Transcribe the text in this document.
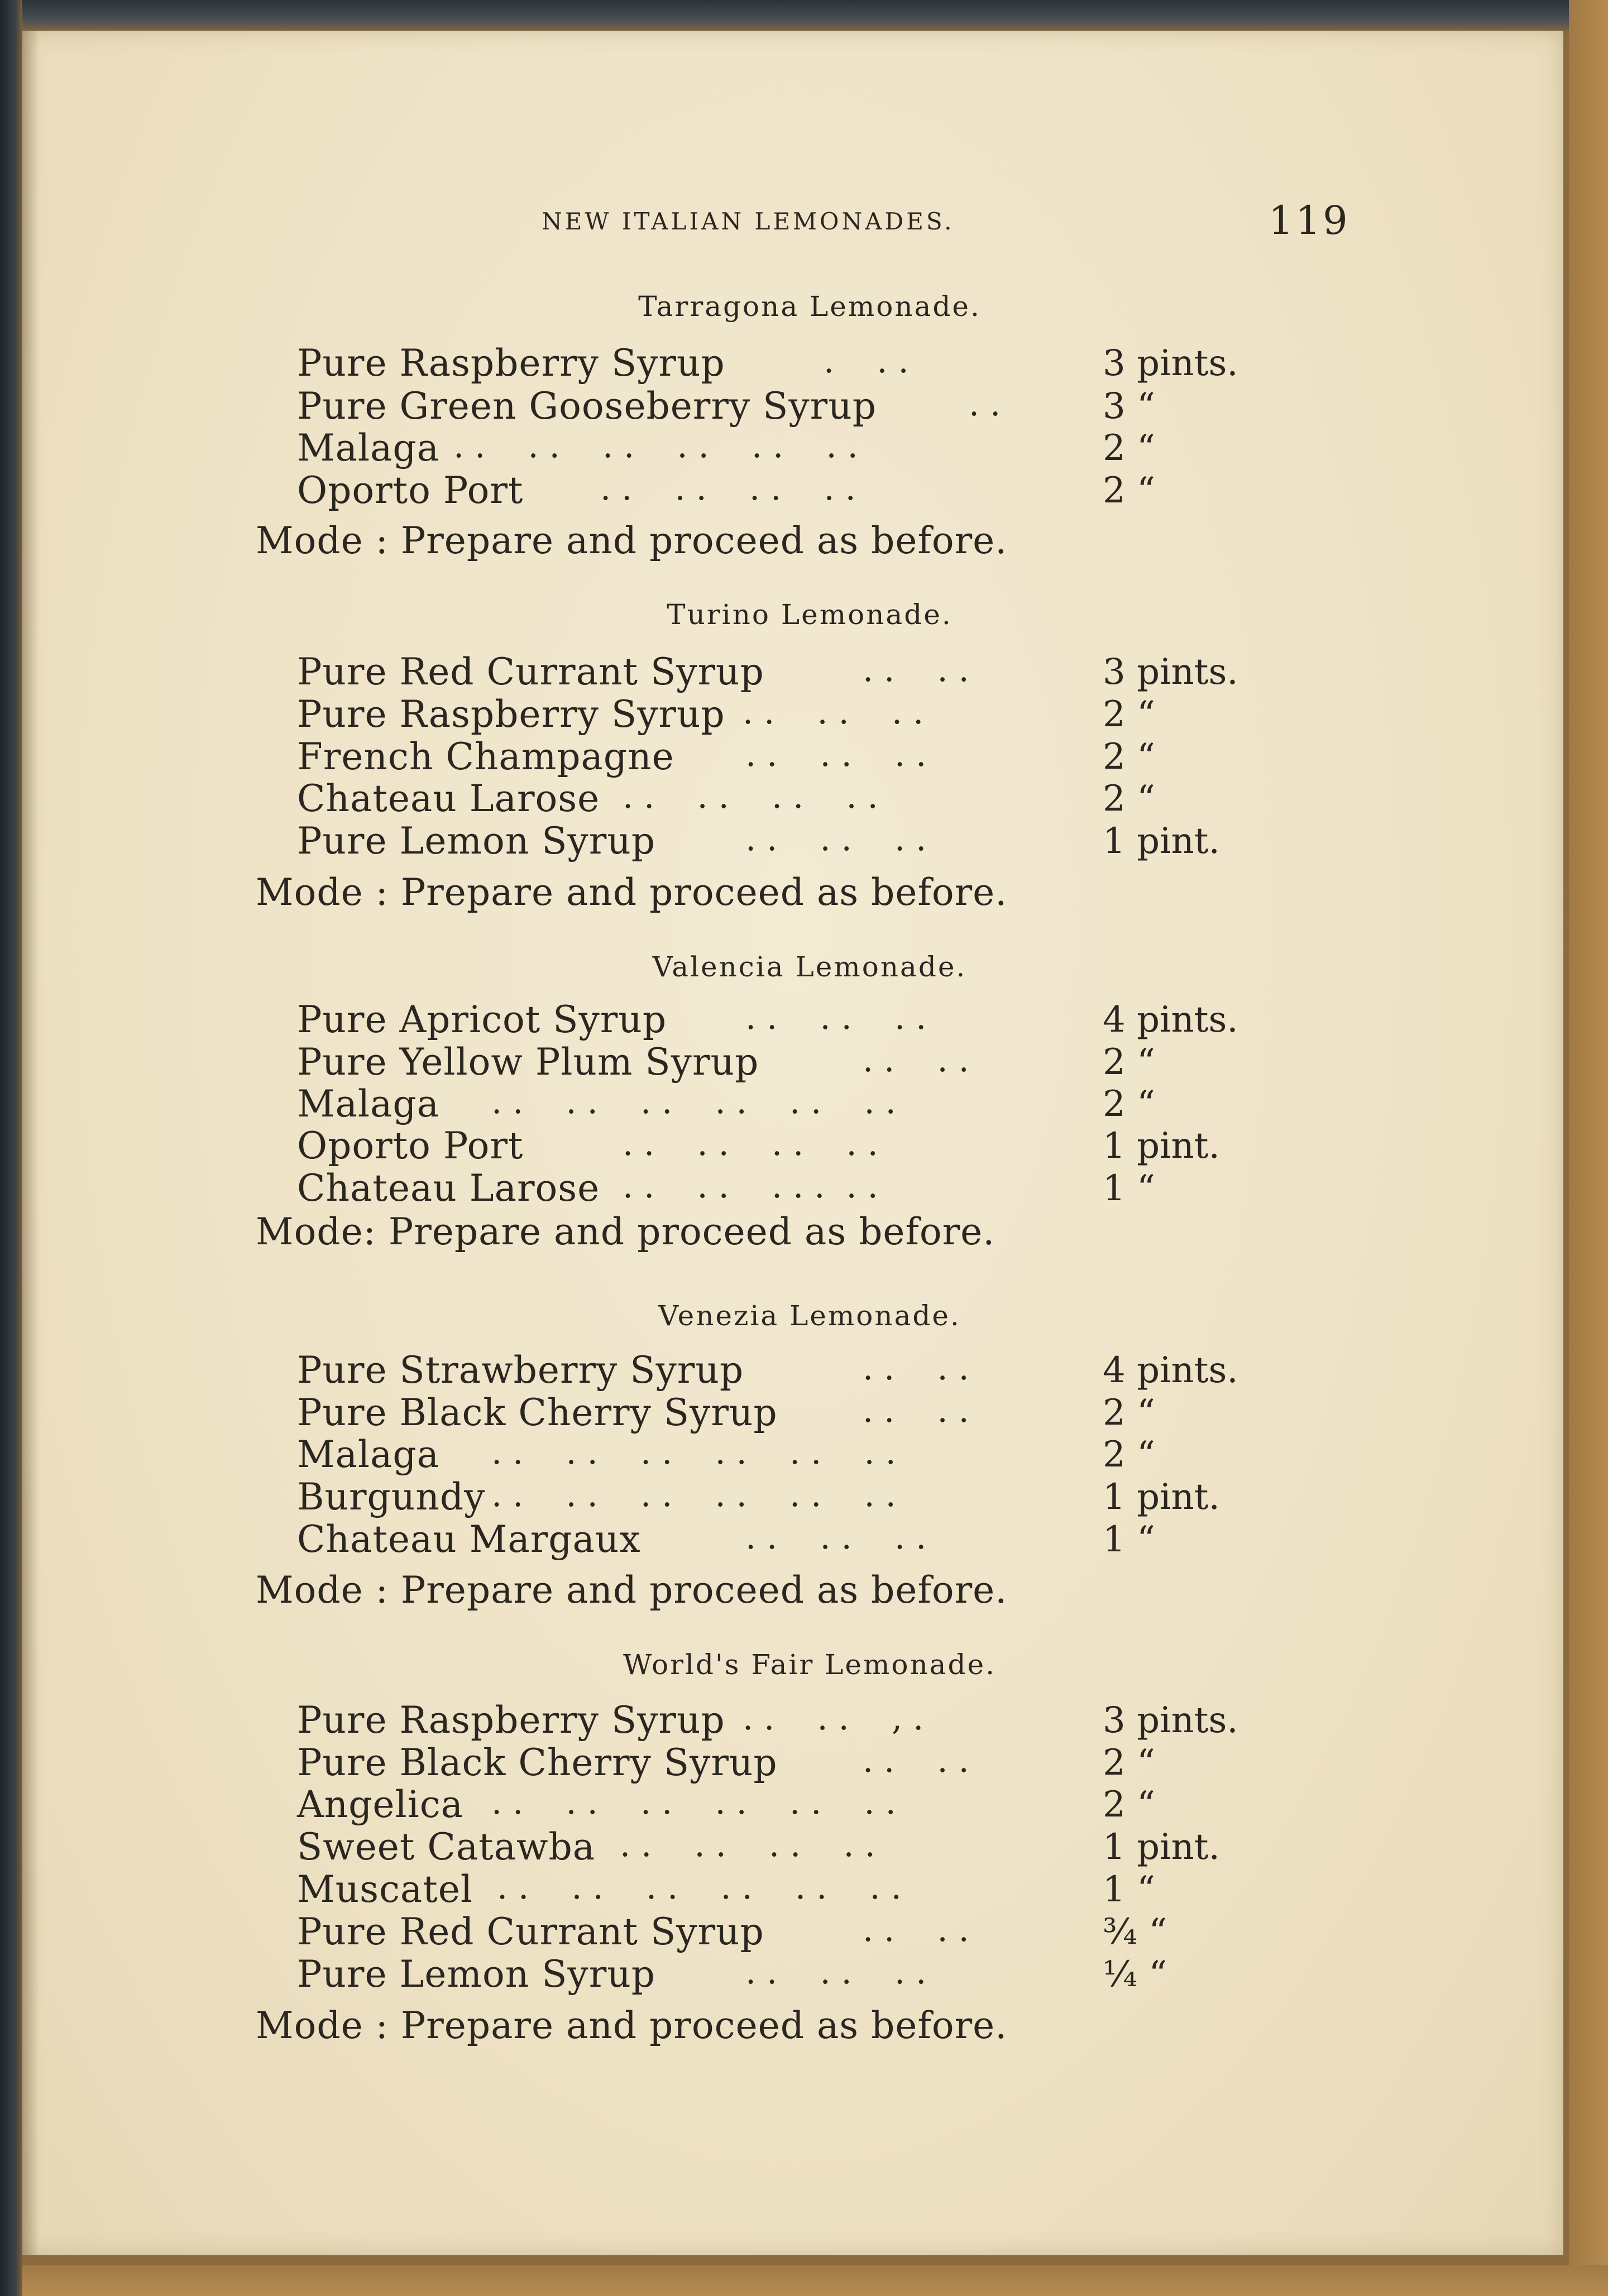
NEW ITALIAN LEMONADES.	119
Tarragona Lemonade.
Pure Raspberry Syrup	.    . .	3 pints.
Pure Green Gooseberry Syrup	. .	3 “
Malaga . .    . .    . .    . .    . .    . .	2 “
Oporto Port . .    . .    . .    . .	2 “
Mode : Prepare and proceed as before.
Turino Lemonade.
Pure Red Currant Syrup	. .    . .	3 pints.
Pure Raspberry Syrup . .    . .    . .	2 “
French Champagne . .    . .    . .	2 “
Chateau Larose . .    . .    . .    . .	2 “
Pure Lemon Syrup	. .    . .    . .	1 pint.
Mode : Prepare and proceed as before.
Valencia Lemonade.
Pure Apricot Syrup . .    . .    . .	4 pints.
Pure Yellow Plum Syrup	. .    . .	2 “
Malaga . .    . .    . .    . .    . .    . .	2 “
Oporto Port	. .    . .    . .    . .	1 pint.
Chateau Larose . .    . .    . . .  . .	1 “
Mode: Prepare and proceed as before.
Venezia Lemonade.
Pure Strawberry Syrup	. .    . .	4 pints.
Pure Black Cherry Syrup	. .    . .	2 “
Malaga . .    . .    . .    . .    . .    . .	2 “
Burgundy . .    . .    . .    . .    . .    . .	1 pint.
Chateau Margaux	. .    . .    . .	1 “
Mode : Prepare and proceed as before.
World's Fair Lemonade.
Pure Raspberry Syrup . .    . .    , .	3 pints.
Pure Black Cherry Syrup	. .    . .	2 “
Angelica . .    . .    . .    . .    . .    . .	2 “
Sweet Catawba . .    . .    . .    . .	1 pint.
Muscatel . .    . .    . .    . .    . .    . .	1 “
Pure Red Currant Syrup	. .    . .	¾ “
Pure Lemon Syrup	. .    . .    . .	¼ “
Mode : Prepare and proceed as before.
